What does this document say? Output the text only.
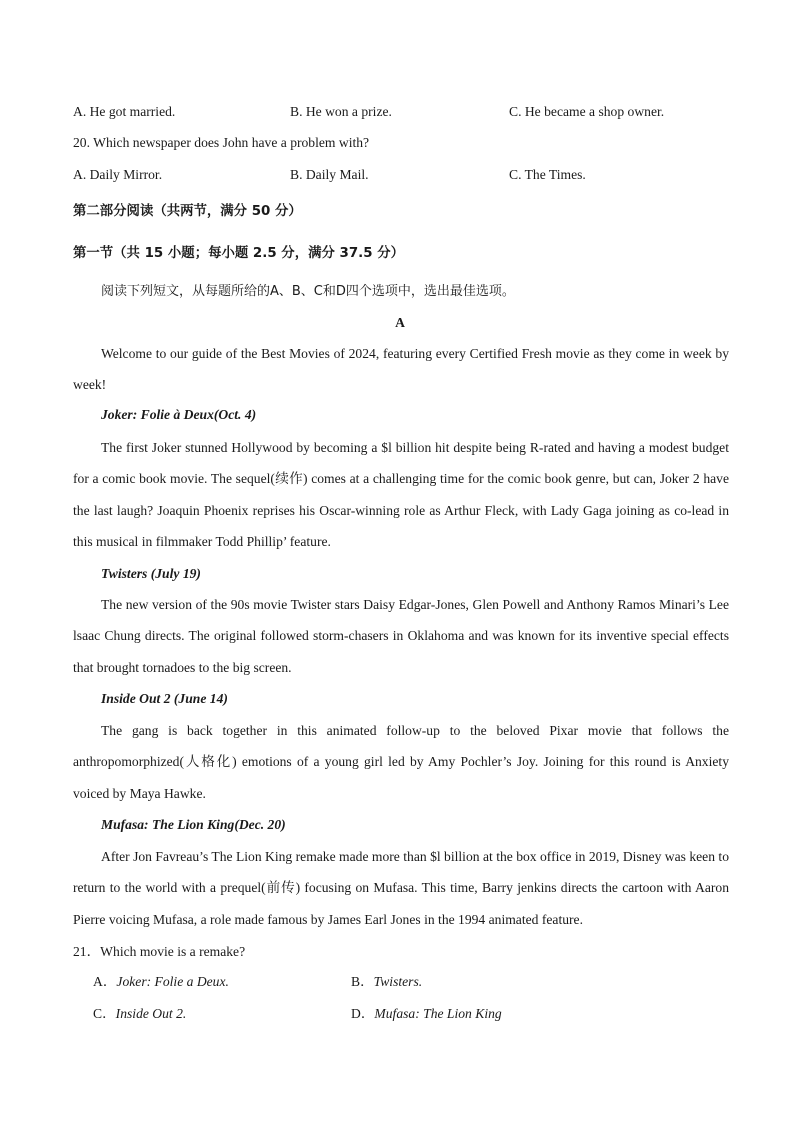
A. He got married.	B. He won a prize.	C. He became a shop owner.
20. Which newspaper does John have a problem with?
A. Daily Mirror.	B. Daily Mail.	C. The Times.
第二部分阅读（共两节，满分 50 分）
第一节（共 15 小题；每小题 2.5 分，满分 37.5 分）
阅读下列短文，从每题所给的A、B、C和D四个选项中，选出最佳选项。
A
Welcome to our guide of the Best Movies of 2024, featuring every Certified Fresh movie as they come in week by week!
Joker: Folie à Deux(Oct. 4)
The first Joker stunned Hollywood by becoming a $l billion hit despite being R-rated and having a modest budget for a comic book movie. The sequel(续作) comes at a challenging time for the comic book genre, but can, Joker 2 have the last laugh? Joaquin Phoenix reprises his Oscar-winning role as Arthur Fleck, with Lady Gaga joining as co-lead in this musical in filmmaker Todd Phillip’ feature.
Twisters (July 19)
The new version of the 90s movie Twister stars Daisy Edgar-Jones, Glen Powell and Anthony Ramos Minari’s Lee lsaac Chung directs. The original followed storm-chasers in Oklahoma and was known for its inventive special effects that brought tornadoes to the big screen.
Inside Out 2 (June 14)
The gang is back together in this animated follow-up to the beloved Pixar movie that follows the anthropomorphized(人格化) emotions of a young girl led by Amy Pochler’s Joy. Joining for this round is Anxiety voiced by Maya Hawke.
Mufasa: The Lion King(Dec. 20)
After Jon Favreau’s The Lion King remake made more than $l billion at the box office in 2019, Disney was keen to return to the world with a prequel(前传) focusing on Mufasa. This time, Barry jenkins directs the cartoon with Aaron Pierre voicing Mufasa, a role made famous by James Earl Jones in the 1994 animated feature.
21．Which movie is a remake?
A．Joker: Folie a Deux.	B．Twisters.
C．Inside Out 2.	D．Mufasa: The Lion King
